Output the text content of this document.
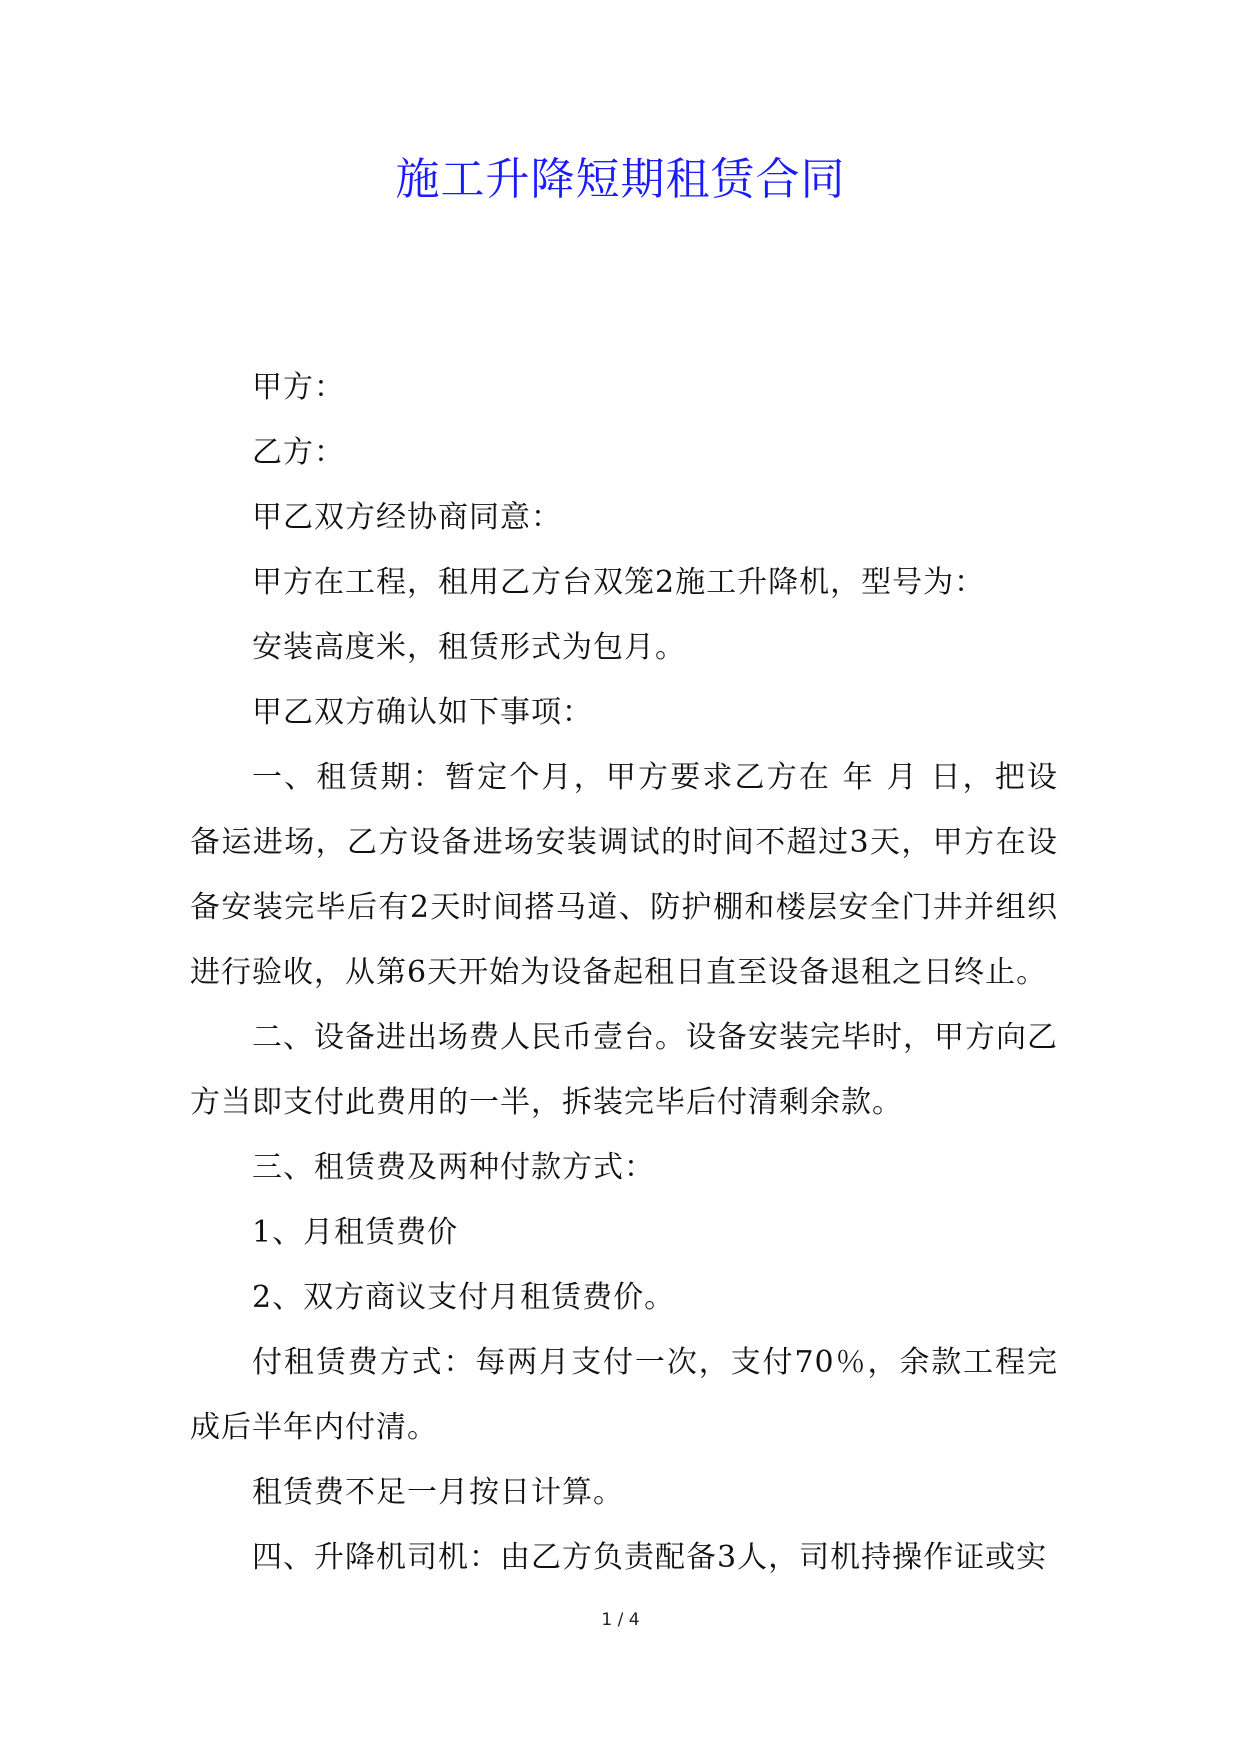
施工升降短期租赁合同

甲方：

乙方：

甲乙双方经协商同意：

甲方在工程，租用乙方台双笼2施工升降机，型号为：

安装高度米，租赁形式为包月。

甲乙双方确认如下事项：

一、租赁期：暂定个月，甲方要求乙方在 年 月 日，把设备运进场，乙方设备进场安装调试的时间不超过3天，甲方在设备安装完毕后有2天时间搭马道、防护棚和楼层安全门井并组织进行验收，从第6天开始为设备起租日直至设备退租之日终止。

二、设备进出场费人民币壹台。设备安装完毕时，甲方向乙方当即支付此费用的一半，拆装完毕后付清剩余款。

三、租赁费及两种付款方式：

1、月租赁费价

2、双方商议支付月租赁费价。

付租赁费方式：每两月支付一次，支付70％，余款工程完成后半年内付清。

租赁费不足一月按日计算。

四、升降机司机：由乙方负责配备3人，司机持操作证或实

1 / 4
